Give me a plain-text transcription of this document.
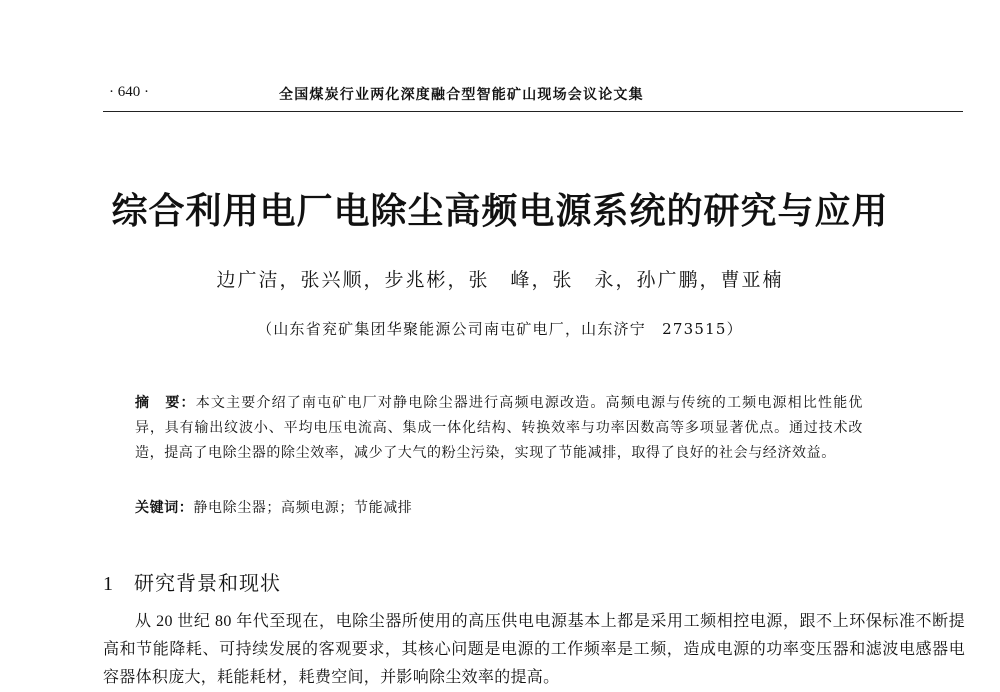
· 640 ·	全国煤炭行业两化深度融合型智能矿山现场会议论文集
综合利用电厂电除尘高频电源系统的研究与应用
边广洁，张兴顺，步兆彬，张　峰，张　永，孙广鹏，曹亚楠
（山东省兖矿集团华聚能源公司南屯矿电厂，山东济宁　273515）
摘　要：本文主要介绍了南屯矿电厂对静电除尘器进行高频电源改造。高频电源与传统的工频电源相比性能优异，具有输出纹波小、平均电压电流高、集成一体化结构、转换效率与功率因数高等多项显著优点。通过技术改造，提高了电除尘器的除尘效率，减少了大气的粉尘污染，实现了节能减排，取得了良好的社会与经济效益。
关键词：静电除尘器；高频电源；节能减排
1 研究背景和现状
从 20 世纪 80 年代至现在，电除尘器所使用的高压供电电源基本上都是采用工频相控电源，跟不上环保标准不断提高和节能降耗、可持续发展的客观要求，其核心问题是电源的工作频率是工频，造成电源的功率变压器和滤波电感器电容器体积庞大，耗能耗材，耗费空间，并影响除尘效率的提高。
